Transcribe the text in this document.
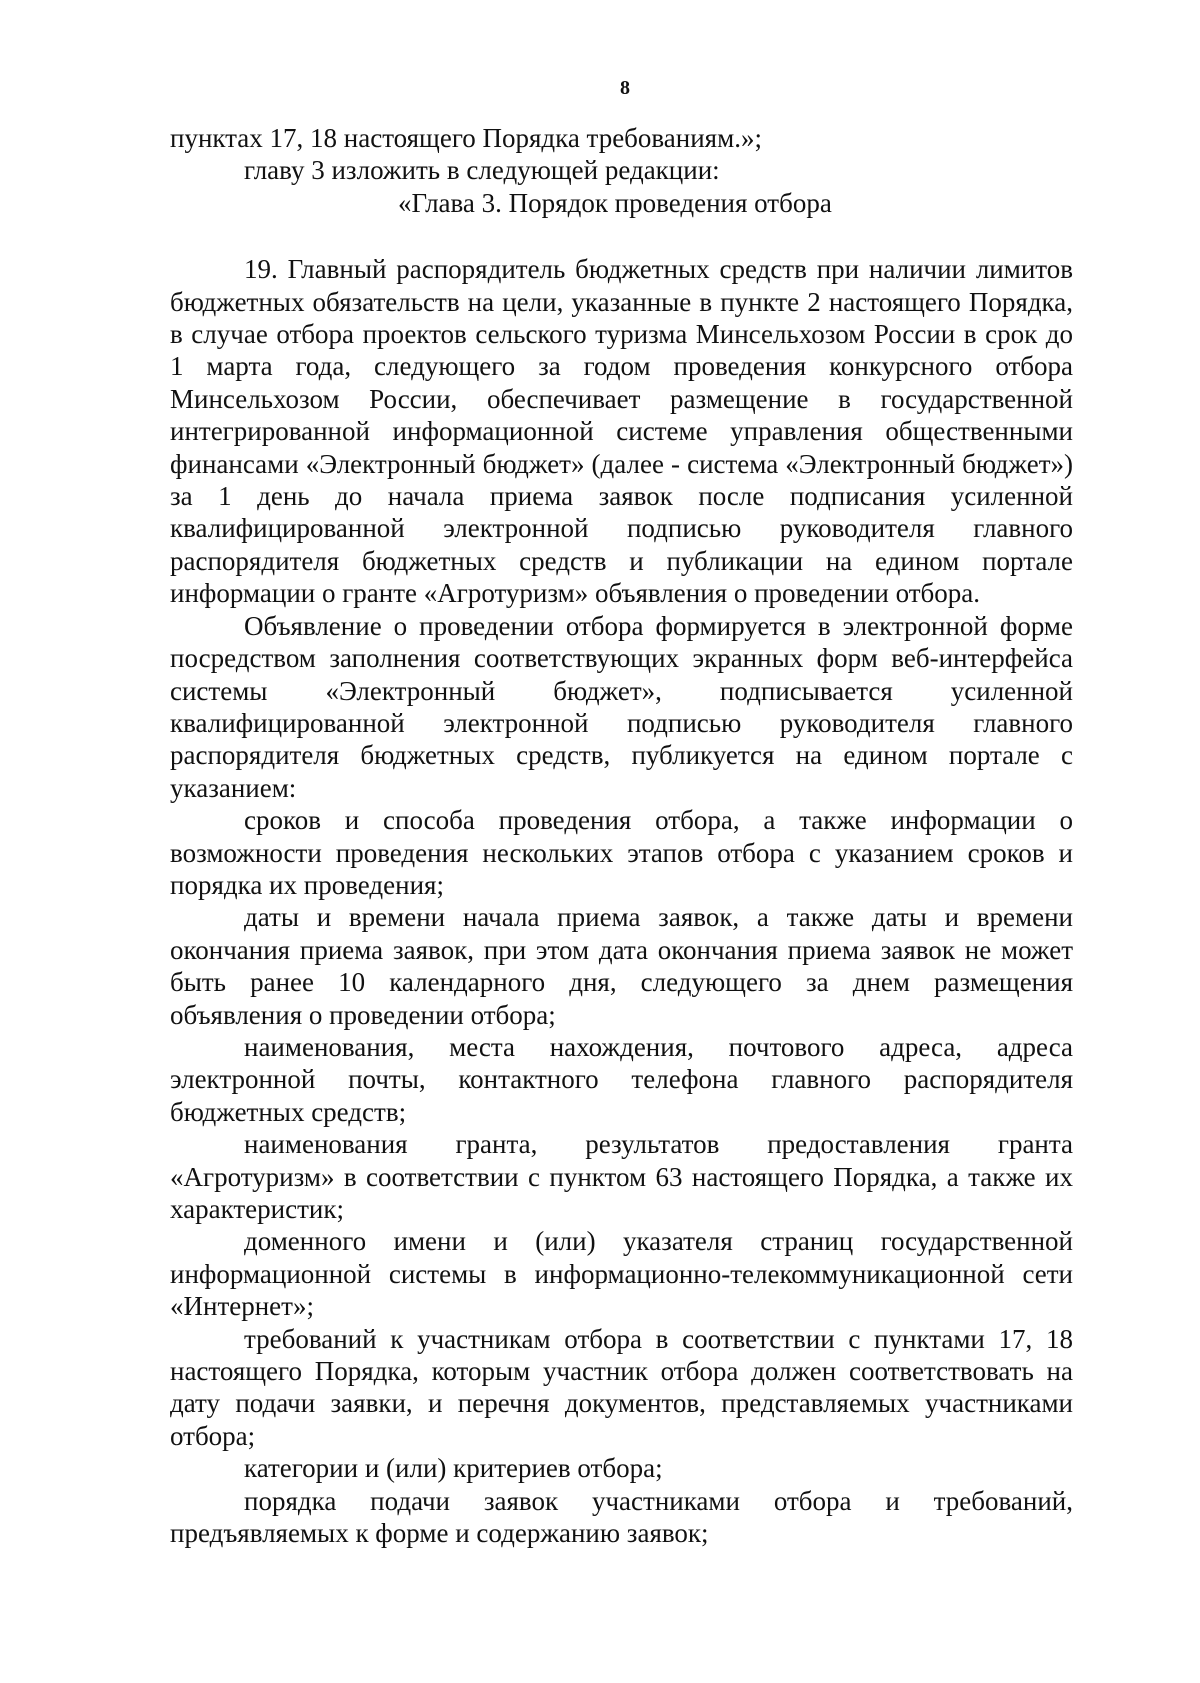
8

пунктах 17, 18 настоящего Порядка требованиям.»;

главу 3 изложить в следующей редакции:

«Глава 3. Порядок проведения отбора

19. Главный распорядитель бюджетных средств при наличии лимитов бюджетных обязательств на цели, указанные в пункте 2 настоящего Порядка, в случае отбора проектов сельского туризма Минсельхозом России в срок до 1 марта года, следующего за годом проведения конкурсного отбора Минсельхозом России, обеспечивает размещение в государственной интегрированной информационной системе управления общественными финансами «Электронный бюджет» (далее - система «Электронный бюджет») за 1 день до начала приема заявок после подписания усиленной квалифицированной электронной подписью руководителя главного распорядителя бюджетных средств и публикации на едином портале информации о гранте «Агротуризм» объявления о проведении отбора.

Объявление о проведении отбора формируется в электронной форме посредством заполнения соответствующих экранных форм веб-интерфейса системы «Электронный бюджет», подписывается усиленной квалифицированной электронной подписью руководителя главного распорядителя бюджетных средств, публикуется на едином портале с указанием:

сроков и способа проведения отбора, а также информации о возможности проведения нескольких этапов отбора с указанием сроков и порядка их проведения;

даты и времени начала приема заявок, а также даты и времени окончания приема заявок, при этом дата окончания приема заявок не может быть ранее 10 календарного дня, следующего за днем размещения объявления о проведении отбора;

наименования, места нахождения, почтового адреса, адреса электронной почты, контактного телефона главного распорядителя бюджетных средств;

наименования гранта, результатов предоставления гранта «Агротуризм» в соответствии с пунктом 63 настоящего Порядка, а также их характеристик;

доменного имени и (или) указателя страниц государственной информационной системы в информационно-телекоммуникационной сети «Интернет»;

требований к участникам отбора в соответствии с пунктами 17, 18 настоящего Порядка, которым участник отбора должен соответствовать на дату подачи заявки, и перечня документов, представляемых участниками отбора;

категории и (или) критериев отбора;

порядка подачи заявок участниками отбора и требований, предъявляемых к форме и содержанию заявок;
